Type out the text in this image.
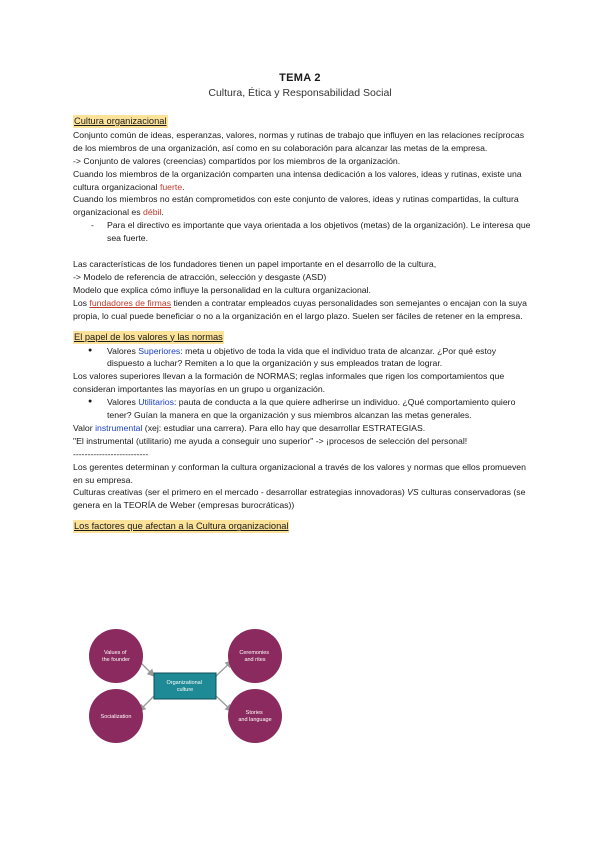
TEMA 2
Cultura, Ética y Responsabilidad Social
Cultura organizacional

Conjunto común de ideas, esperanzas, valores, normas y rutinas de trabajo que influyen en las relaciones recíprocas de los miembros de una organización, así como en su colaboración para alcanzar las metas de la empresa.

-> Conjunto de valores (creencias) compartidos por los miembros de la organización.

Cuando los miembros de la organización comparten una intensa dedicación a los valores, ideas y rutinas, existe una cultura organizacional fuerte.

Cuando los miembros no están comprometidos con este conjunto de valores, ideas y rutinas compartidas, la cultura organizacional es débil.

- Para el directivo es importante que vaya orientada a los objetivos (metas) de la organización). Le interesa que sea fuerte.

Las características de los fundadores tienen un papel importante en el desarrollo de la cultura,

-> Modelo de referencia de atracción, selección y desgaste (ASD)

Modelo que explica cómo influye la personalidad en la cultura organizacional.

Los fundadores de firmas tienden a contratar empleados cuyas personalidades son semejantes o encajan con la suya propia, lo cual puede beneficiar o no a la organización en el largo plazo. Suelen ser fáciles de retener en la empresa.

El papel de los valores y las normas

● Valores Superiores: meta u objetivo de toda la vida que el individuo trata de alcanzar. ¿Por qué estoy dispuesto a luchar? Remiten a lo que la organización y sus empleados tratan de lograr.

Los valores superiores llevan a la formación de NORMAS; reglas informales que rigen los comportamientos que consideran importantes las mayorías en un grupo u organización.

● Valores Utilitarios: pauta de conducta a la que quiere adherirse un individuo. ¿Qué comportamiento quiero tener? Guían la manera en que la organización y sus miembros alcanzan las metas generales.

Valor instrumental (xej: estudiar una carrera). Para ello hay que desarrollar ESTRATEGIAS.

"El instrumental (utilitario) me ayuda a conseguir uno superior" -> ¡procesos de selección del personal!

--------------------------

Los gerentes determinan y conforman la cultura organizacional a través de los valores y normas que ellos promueven en su empresa.

Culturas creativas (ser el primero en el mercado - desarrollar estrategias innovadoras) VS culturas conservadoras (se genera en la TEORÍA de Weber (empresas burocráticas))

Los factores que afectan a la Cultura organizacional
Values of the founder
Ceremonies and rites
Socialization
Stories and language
Organizational culture
